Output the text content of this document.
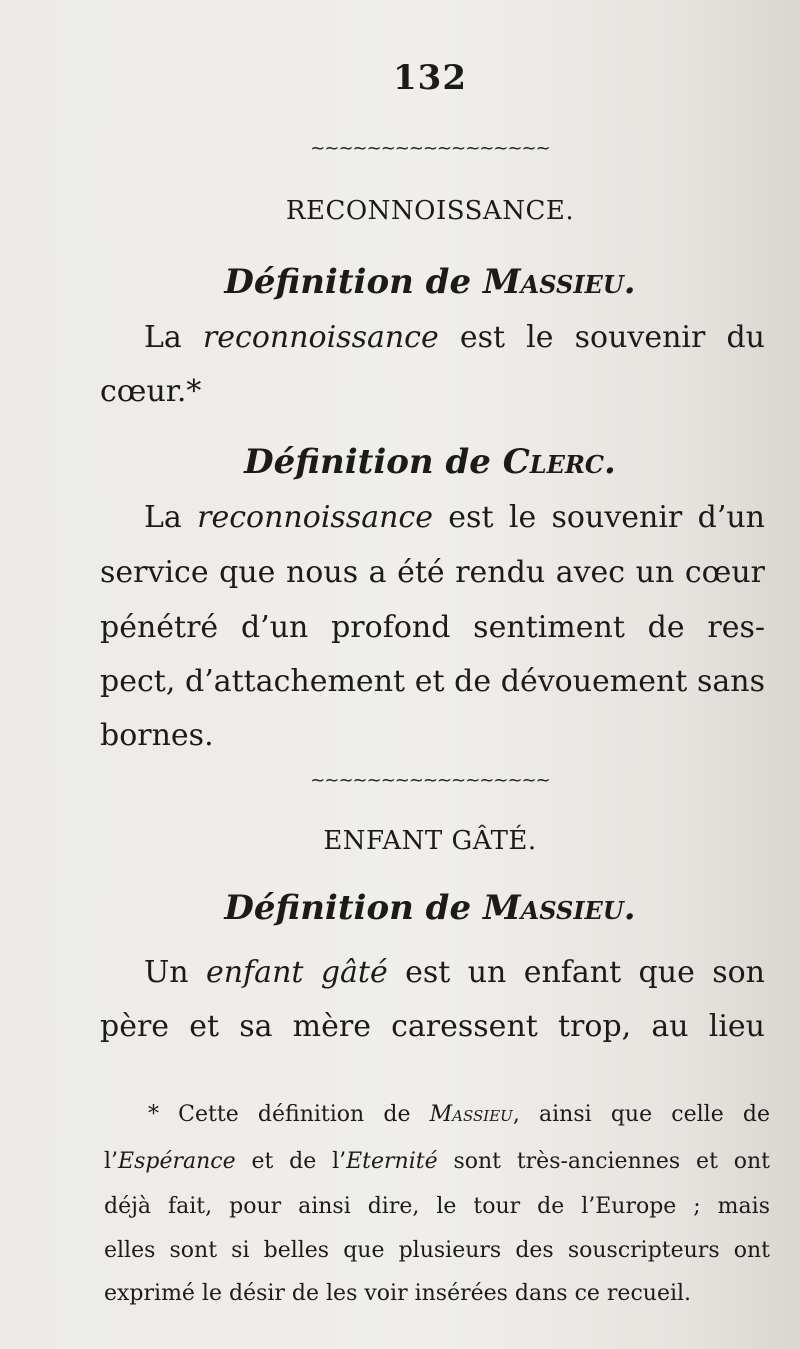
132
~~~~~~~~~~~~~~~~~
RECONNOISSANCE.
Définition de Massieu.
La reconnoissance est le souvenir du
cœur.*
Définition de Clerc.
La reconnoissance est le souvenir d’un
service que nous a été rendu avec un cœur
pénétré d’un profond sentiment de res-
pect, d’attachement et de dévouement sans
bornes.
~~~~~~~~~~~~~~~~~
ENFANT GÂTÉ.
Définition de Massieu.
Un enfant gâté est un enfant que son
père et sa mère caressent trop, au lieu
* Cette définition de Massieu, ainsi que celle de
l’Espérance et de l’Eternité sont très-anciennes et ont
déjà fait, pour ainsi dire, le tour de l’Europe ; mais
elles sont si belles que plusieurs des souscripteurs ont
exprimé le désir de les voir insérées dans ce recueil.
